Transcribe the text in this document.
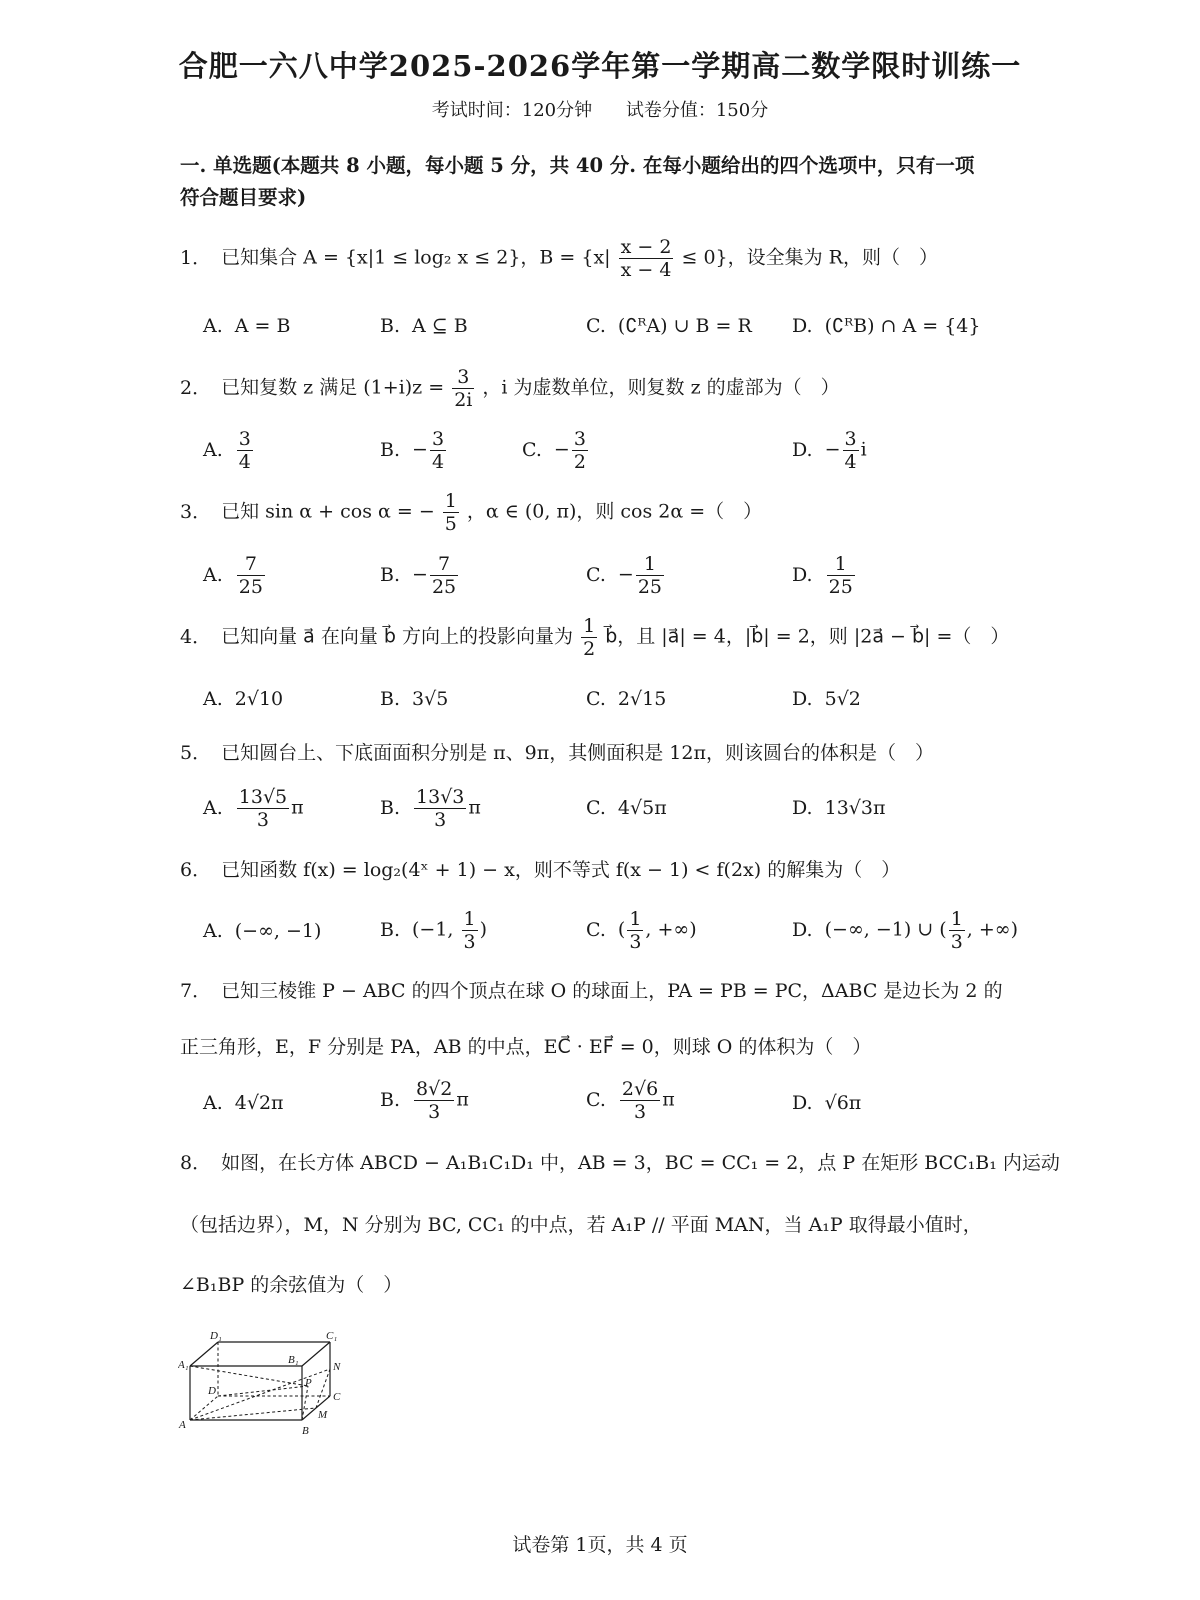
合肥一六八中学2025-2026学年第一学期高二数学限时训练一
考试时间：120分钟 试卷分值：150分
一. 单选题(本题共 8 小题，每小题 5 分，共 40 分. 在每小题给出的四个选项中，只有一项
符合题目要求)
1． 已知集合 A = {x|1 ≤ log₂ x ≤ 2}，$B = \{x| \frac{x - 2}{x - 4} \le 0\}$，设全集为 R，则（　）
A. A = B	B. A ⊆ B	C. (∁ᴿA) ∪ B = R D. (∁ᴿB) ∩ A = {4}
2． 已知复数 z 满足 $(1+i)z = \frac{3}{2i}$ ，i 为虚数单位，则复数 z 的虚部为（　）
A. $\frac{3}{4}$	B. − $\frac{3}{4}$	C. − $\frac{3}{2}$	D. − $\frac{3}{4}$ i
3． 已知 sin α + cos α = − $\frac{1}{5}$ ，α ∈ (0, π)，则 cos 2α =（　）
A. $\frac{7}{25}$	B. − $\frac{7}{25}$	C. − $\frac{1}{25}$	D. $\frac{1}{25}$
4． 已知向量 a⃗ 在向量 b⃗ 方向上的投影向量为 $\frac{1}{2}$ b⃗，且 |a⃗| = 4，|b⃗| = 2，则 |2a⃗ − b⃗| =（　）
A. 2√10	B. 3√5	C. 2√15	D. 5√2
5． 已知圆台上、下底面面积分别是 π、9π，其侧面积是 12π，则该圆台的体积是（　）
A. $\frac{13√5}{3}$ π	B. $\frac{13√3}{3}$ π	C. 4√5π	D. 13√3π
6． 已知函数 f(x) = log₂(4ˣ + 1) − x，则不等式 f(x − 1) < f(2x) 的解集为（　）
A. (−∞, −1)	B. (−1, $\frac{1}{3}$ )	C. ( $\frac{1}{3}$ , +∞)	D. (−∞, −1) ∪ ( $\frac{1}{3}$ , +∞)
7． 已知三棱锥 P − ABC 的四个顶点在球 O 的球面上，PA = PB = PC，ΔABC 是边长为 2 的
正三角形，E，F 分别是 PA，AB 的中点，EC⃗ · EF⃗ = 0，则球 O 的体积为（　）
A. 4√2π	B. $\frac{8√2}{3}$ π	C. $\frac{2√6}{3}$ π	D. √6π
8． 如图，在长方体 ABCD − A₁B₁C₁D₁ 中，AB = 3，BC = CC₁ = 2，点 P 在矩形 BCC₁B₁ 内运动
（包括边界），M，N 分别为 BC, CC₁ 的中点，若 A₁P // 平面 MAN，当 A₁P 取得最小值时，
∠B₁BP 的余弦值为（　）
D₁	C₁
A₁	B₁
N
D
P
C
A
M
B
试卷第 1页，共 4 页
